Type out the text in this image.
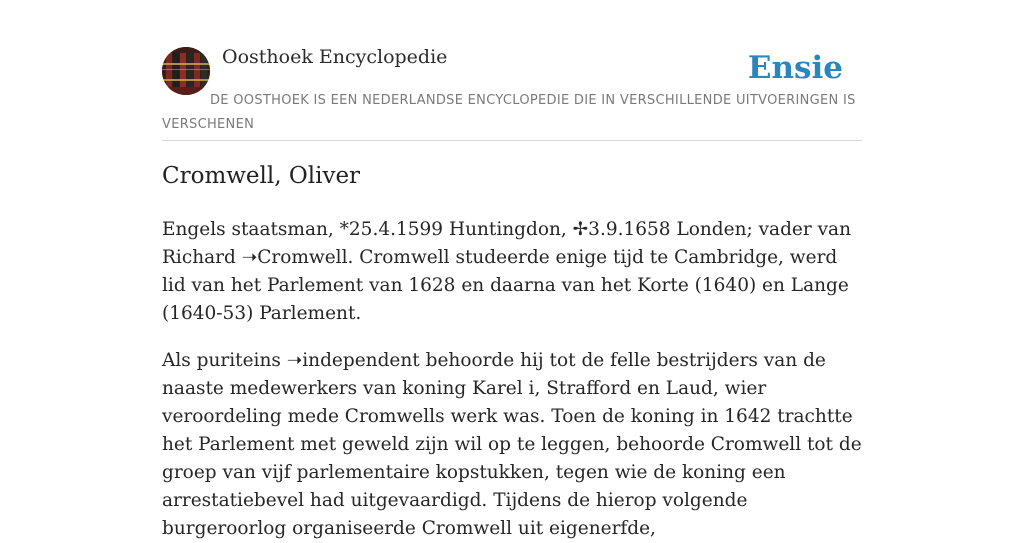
Oosthoek Encyclopedie	Ensie
DE OOSTHOEK IS EEN NEDERLANDSE ENCYCLOPEDIE DIE IN VERSCHILLENDE UITVOERINGEN IS VERSCHENEN
Cromwell, Oliver

Engels staatsman, *25.4.1599 Huntingdon, ✢3.9.1658 Londen; vader van Richard ➝Cromwell. Cromwell studeerde enige tijd te Cambridge, werd lid van het Parlement van 1628 en daarna van het Korte (1640) en Lange (1640-53) Parlement.

Als puriteins ➝independent behoorde hij tot de felle bestrijders van de naaste medewerkers van koning Karel i, Strafford en Laud, wier veroordeling mede Cromwells werk was. Toen de koning in 1642 trachtte het Parlement met geweld zijn wil op te leggen, behoorde Cromwell tot de groep van vijf parlementaire kopstukken, tegen wie de koning een arrestatiebevel had uitgevaardigd. Tijdens de hierop volgende burgeroorlog organiseerde Cromwell uit eigenerfde,
